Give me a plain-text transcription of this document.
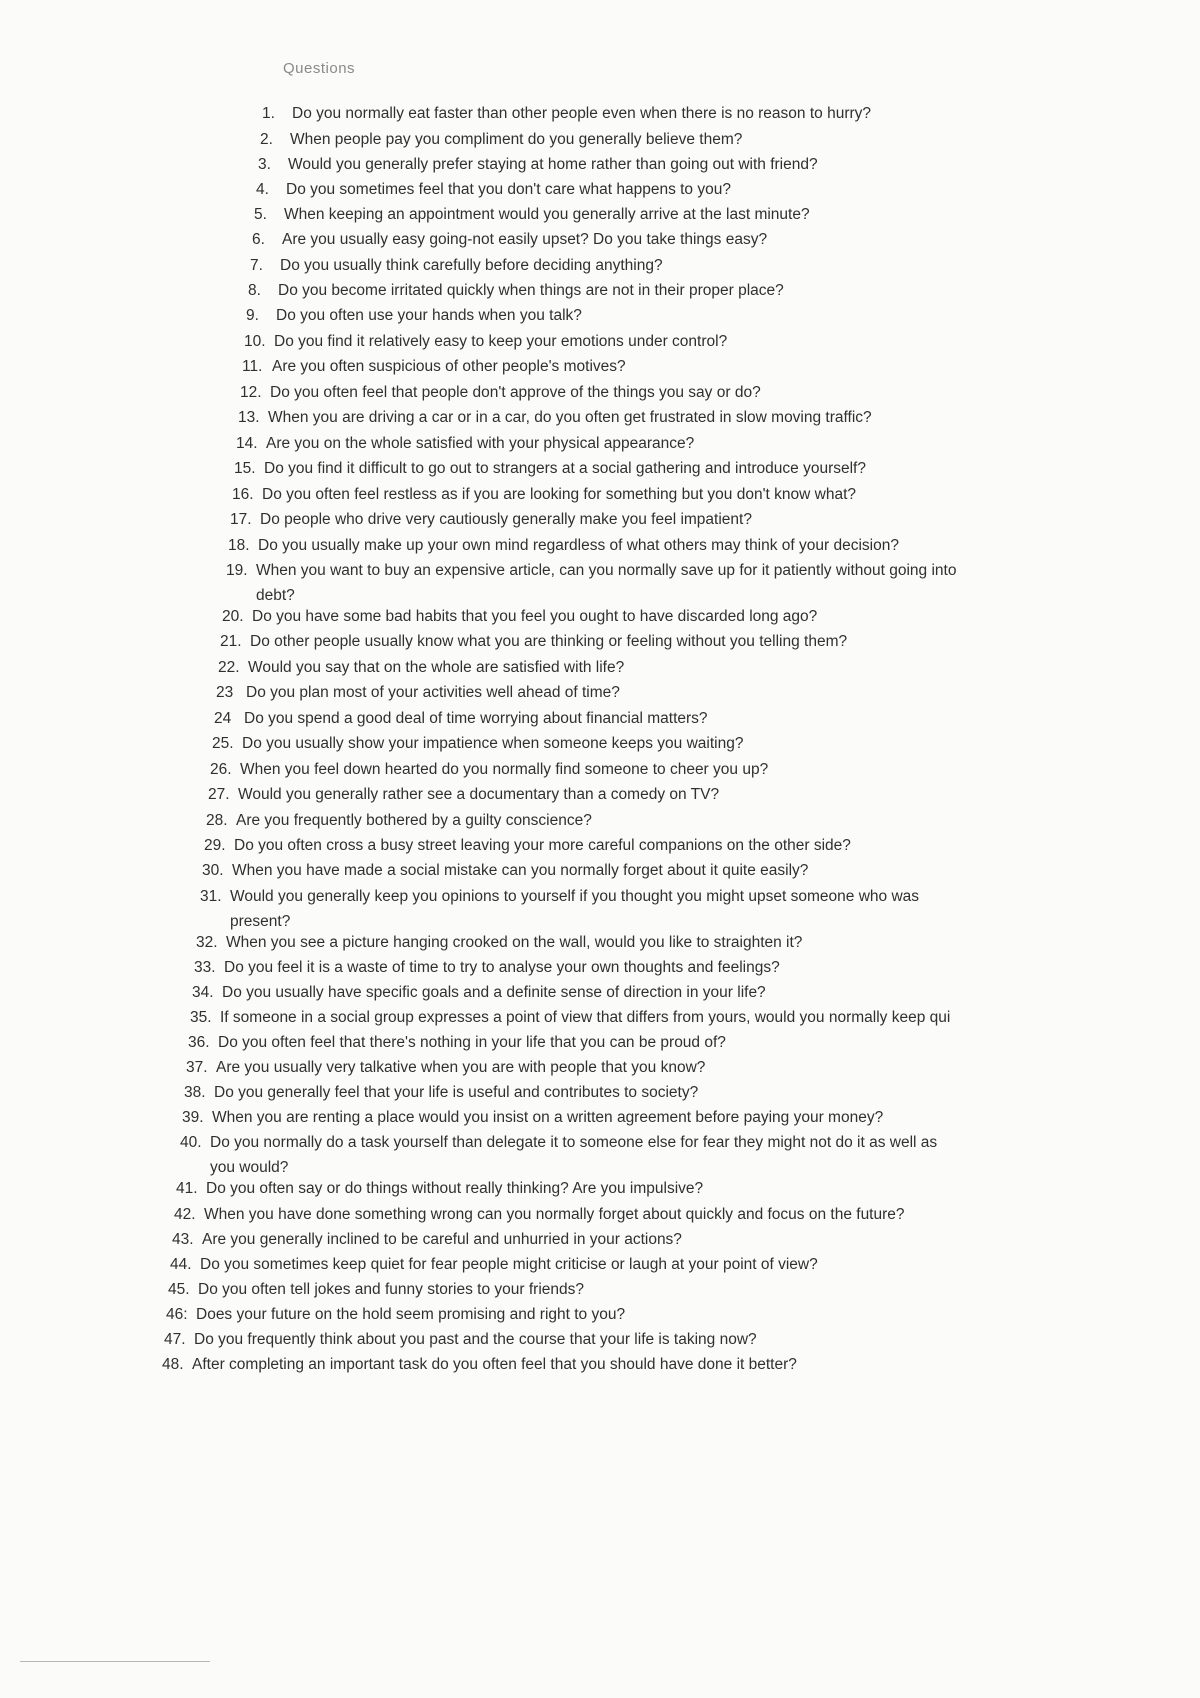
Questions
1. Do you normally eat faster than other people even when there is no reason to hurry?
2. When people pay you compliment do you generally believe them?
3. Would you generally prefer staying at home rather than going out with friend?
4. Do you sometimes feel that you don't care what happens to you?
5. When keeping an appointment would you generally arrive at the last minute?
6. Are you usually easy going-not easily upset? Do you take things easy?
7. Do you usually think carefully before deciding anything?
8. Do you become irritated quickly when things are not in their proper place?
9. Do you often use your hands when you talk?
10. Do you find it relatively easy to keep your emotions under control?
11. Are you often suspicious of other people's motives?
12. Do you often feel that people don't approve of the things you say or do?
13. When you are driving a car or in a car, do you often get frustrated in slow moving traffic?
14. Are you on the whole satisfied with your physical appearance?
15. Do you find it difficult to go out to strangers at a social gathering and introduce yourself?
16. Do you often feel restless as if you are looking for something but you don't know what?
17. Do people who drive very cautiously generally make you feel impatient?
18. Do you usually make up your own mind regardless of what others may think of your decision?
19. When you want to buy an expensive article, can you normally save up for it patiently without going into
debt?
20. Do you have some bad habits that you feel you ought to have discarded long ago?
21. Do other people usually know what you are thinking or feeling without you telling them?
22. Would you say that on the whole are satisfied with life?
23 Do you plan most of your activities well ahead of time?
24 Do you spend a good deal of time worrying about financial matters?
25. Do you usually show your impatience when someone keeps you waiting?
26. When you feel down hearted do you normally find someone to cheer you up?
27. Would you generally rather see a documentary than a comedy on TV?
28. Are you frequently bothered by a guilty conscience?
29. Do you often cross a busy street leaving your more careful companions on the other side?
30. When you have made a social mistake can you normally forget about it quite easily?
31. Would you generally keep you opinions to yourself if you thought you might upset someone who was
present?
32. When you see a picture hanging crooked on the wall, would you like to straighten it?
33. Do you feel it is a waste of time to try to analyse your own thoughts and feelings?
34. Do you usually have specific goals and a definite sense of direction in your life?
35. If someone in a social group expresses a point of view that differs from yours, would you normally keep qui
36. Do you often feel that there's nothing in your life that you can be proud of?
37. Are you usually very talkative when you are with people that you know?
38. Do you generally feel that your life is useful and contributes to society?
39. When you are renting a place would you insist on a written agreement before paying your money?
40. Do you normally do a task yourself than delegate it to someone else for fear they might not do it as well as
you would?
41. Do you often say or do things without really thinking? Are you impulsive?
42. When you have done something wrong can you normally forget about quickly and focus on the future?
43. Are you generally inclined to be careful and unhurried in your actions?
44. Do you sometimes keep quiet for fear people might criticise or laugh at your point of view?
45. Do you often tell jokes and funny stories to your friends?
46: Does your future on the hold seem promising and right to you?
47. Do you frequently think about you past and the course that your life is taking now?
48. After completing an important task do you often feel that you should have done it better?
